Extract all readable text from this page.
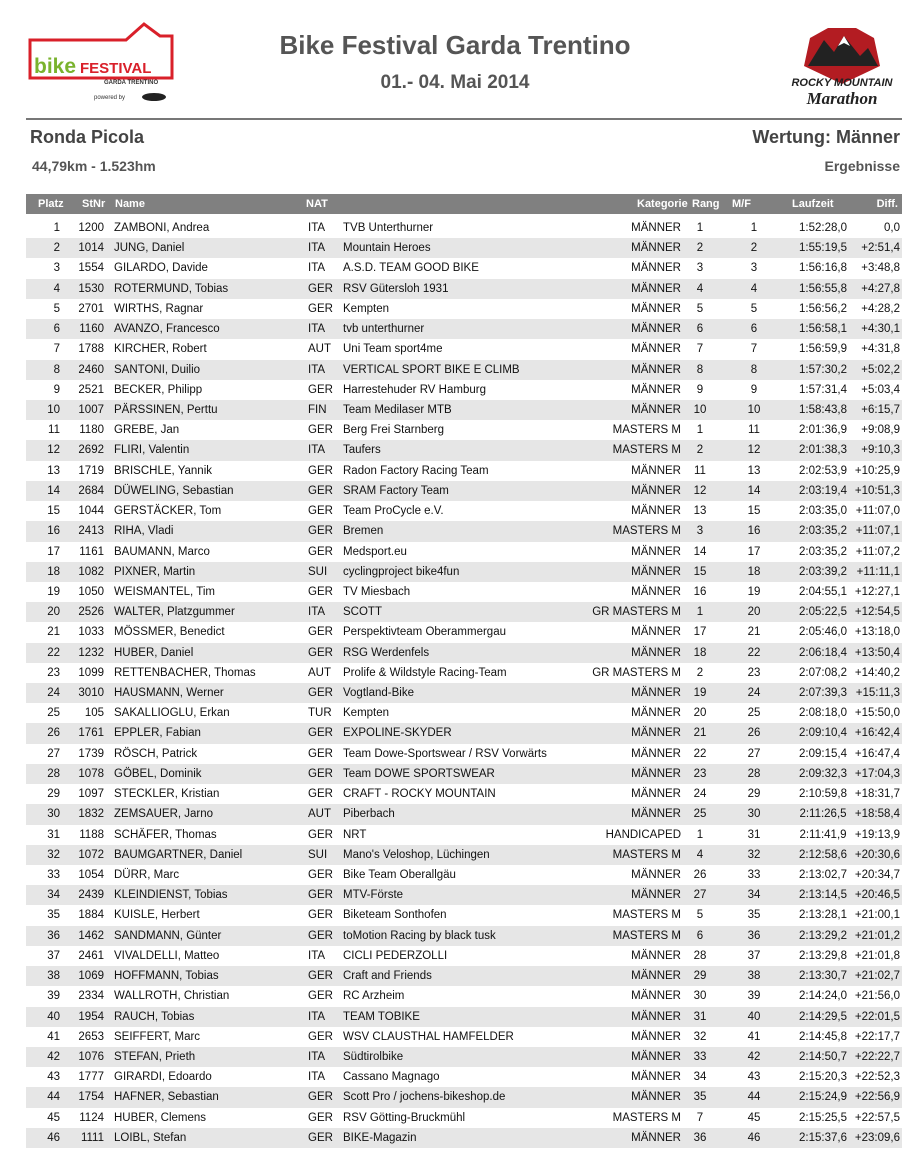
bike FESTIVAL
GARDA TRENTINO
powered by
Bike Festival Garda Trentino
01.- 04. Mai 2014	ROCKY MOUNTAIN
Marathon
Ronda Picola
44,79km - 1.523hm
Wertung: Männer
Ergebnisse
Platz StNr Name	NAT	Kategorie Rang M/F	Laufzeit	Diff.
1	1200 ZAMBONI, Andrea	ITA TVB Unterthurner	MÄNNER	1	1	1:52:28,0	0,0
2	1014 JUNG, Daniel	ITA Mountain Heroes	MÄNNER	2	2	1:55:19,5	+2:51,4
3	1554 GILARDO, Davide	ITA A.S.D. TEAM GOOD BIKE	MÄNNER	3	3	1:56:16,8	+3:48,8
4	1530 ROTERMUND, Tobias	GER RSV Gütersloh 1931	MÄNNER	4	4	1:56:55,8	+4:27,8
5	2701 WIRTHS, Ragnar	GER Kempten	MÄNNER	5	5	1:56:56,2	+4:28,2
6	1160 AVANZO, Francesco	ITA tvb unterthurner	MÄNNER	6	6	1:56:58,1	+4:30,1
7	1788 KIRCHER, Robert	AUT Uni Team sport4me	MÄNNER	7	7	1:56:59,9	+4:31,8
8	2460 SANTONI, Duilio	ITA VERTICAL SPORT BIKE E CLIMB	MÄNNER	8	8	1:57:30,2	+5:02,2
9	2521 BECKER, Philipp	GER Harrestehuder RV Hamburg	MÄNNER	9	9	1:57:31,4	+5:03,4
10	1007 PÄRSSINEN, Perttu	FIN Team Medilaser MTB	MÄNNER	10	10	1:58:43,8	+6:15,7
11	1180 GREBE, Jan	GER Berg Frei Starnberg	MASTERS M	1	11	2:01:36,9	+9:08,9
12	2692 FLIRI, Valentin	ITA Taufers	MASTERS M	2	12	2:01:38,3	+9:10,3
13	1719 BRISCHLE, Yannik	GER Radon Factory Racing Team	MÄNNER	11	13	2:02:53,9 +10:25,9
14	2684 DÜWELING, Sebastian	GER SRAM Factory Team	MÄNNER	12	14	2:03:19,4 +10:51,3
15	1044 GERSTÄCKER, Tom	GER Team ProCycle e.V.	MÄNNER	13	15	2:03:35,0 +11:07,0
16	2413 RIHA, Vladi	GER Bremen	MASTERS M	3	16	2:03:35,2 +11:07,1
17	1161 BAUMANN, Marco	GER Medsport.eu	MÄNNER	14	17	2:03:35,2 +11:07,2
18	1082 PIXNER, Martin	SUI cyclingproject bike4fun	MÄNNER	15	18	2:03:39,2 +11:11,1
19	1050 WEISMANTEL, Tim	GER TV Miesbach	MÄNNER	16	19	2:04:55,1 +12:27,1
20	2526 WALTER, Platzgummer	ITA SCOTT	GR MASTERS M	1	20	2:05:22,5 +12:54,5
21	1033 MÖSSMER, Benedict	GER Perspektivteam Oberammergau	MÄNNER	17	21	2:05:46,0 +13:18,0
22	1232 HUBER, Daniel	GER RSG Werdenfels	MÄNNER	18	22	2:06:18,4 +13:50,4
23	1099 RETTENBACHER, Thomas	AUT Prolife & Wildstyle Racing-Team	GR MASTERS M	2	23	2:07:08,2 +14:40,2
24	3010 HAUSMANN, Werner	GER Vogtland-Bike	MÄNNER	19	24	2:07:39,3 +15:11,3
25	105 SAKALLIOGLU, Erkan	TUR Kempten	MÄNNER	20	25	2:08:18,0 +15:50,0
26	1761 EPPLER, Fabian	GER EXPOLINE-SKYDER	MÄNNER	21	26	2:09:10,4 +16:42,4
27	1739 RÖSCH, Patrick	GER Team Dowe-Sportswear / RSV Vorwärts	MÄNNER	22	27	2:09:15,4 +16:47,4
28	1078 GÖBEL, Dominik	GER Team DOWE SPORTSWEAR	MÄNNER	23	28	2:09:32,3 +17:04,3
29	1097 STECKLER, Kristian	GER CRAFT - ROCKY MOUNTAIN	MÄNNER	24	29	2:10:59,8 +18:31,7
30	1832 ZEMSAUER, Jarno	AUT Piberbach	MÄNNER	25	30	2:11:26,5 +18:58,4
31	1188 SCHÄFER, Thomas	GER NRT	HANDICAPED	1	31	2:11:41,9 +19:13,9
32	1072 BAUMGARTNER, Daniel	SUI Mano's Veloshop, Lüchingen	MASTERS M	4	32	2:12:58,6 +20:30,6
33	1054 DÜRR, Marc	GER Bike Team Oberallgäu	MÄNNER	26	33	2:13:02,7 +20:34,7
34	2439 KLEINDIENST, Tobias	GER MTV-Förste	MÄNNER	27	34	2:13:14,5 +20:46,5
35	1884 KUISLE, Herbert	GER Biketeam Sonthofen	MASTERS M	5	35	2:13:28,1 +21:00,1
36	1462 SANDMANN, Günter	GER toMotion Racing by black tusk	MASTERS M	6	36	2:13:29,2 +21:01,2
37	2461 VIVALDELLI, Matteo	ITA CICLI PEDERZOLLI	MÄNNER	28	37	2:13:29,8 +21:01,8
38	1069 HOFFMANN, Tobias	GER Craft and Friends	MÄNNER	29	38	2:13:30,7 +21:02,7
39	2334 WALLROTH, Christian	GER RC Arzheim	MÄNNER	30	39	2:14:24,0 +21:56,0
40	1954 RAUCH, Tobias	ITA TEAM TOBIKE	MÄNNER	31	40	2:14:29,5 +22:01,5
41	2653 SEIFFERT, Marc	GER WSV CLAUSTHAL HAMFELDER	MÄNNER	32	41	2:14:45,8 +22:17,7
42	1076 STEFAN, Prieth	ITA Südtirolbike	MÄNNER	33	42	2:14:50,7 +22:22,7
43	1777 GIRARDI, Edoardo	ITA Cassano Magnago	MÄNNER	34	43	2:15:20,3 +22:52,3
44	1754 HAFNER, Sebastian	GER Scott Pro / jochens-bikeshop.de	MÄNNER	35	44	2:15:24,9 +22:56,9
45	1124 HUBER, Clemens	GER RSV Götting-Bruckmühl	MASTERS M	7	45	2:15:25,5 +22:57,5
46	1111 LOIBL, Stefan	GER BIKE-Magazin	MÄNNER	36	46	2:15:37,6 +23:09,6
